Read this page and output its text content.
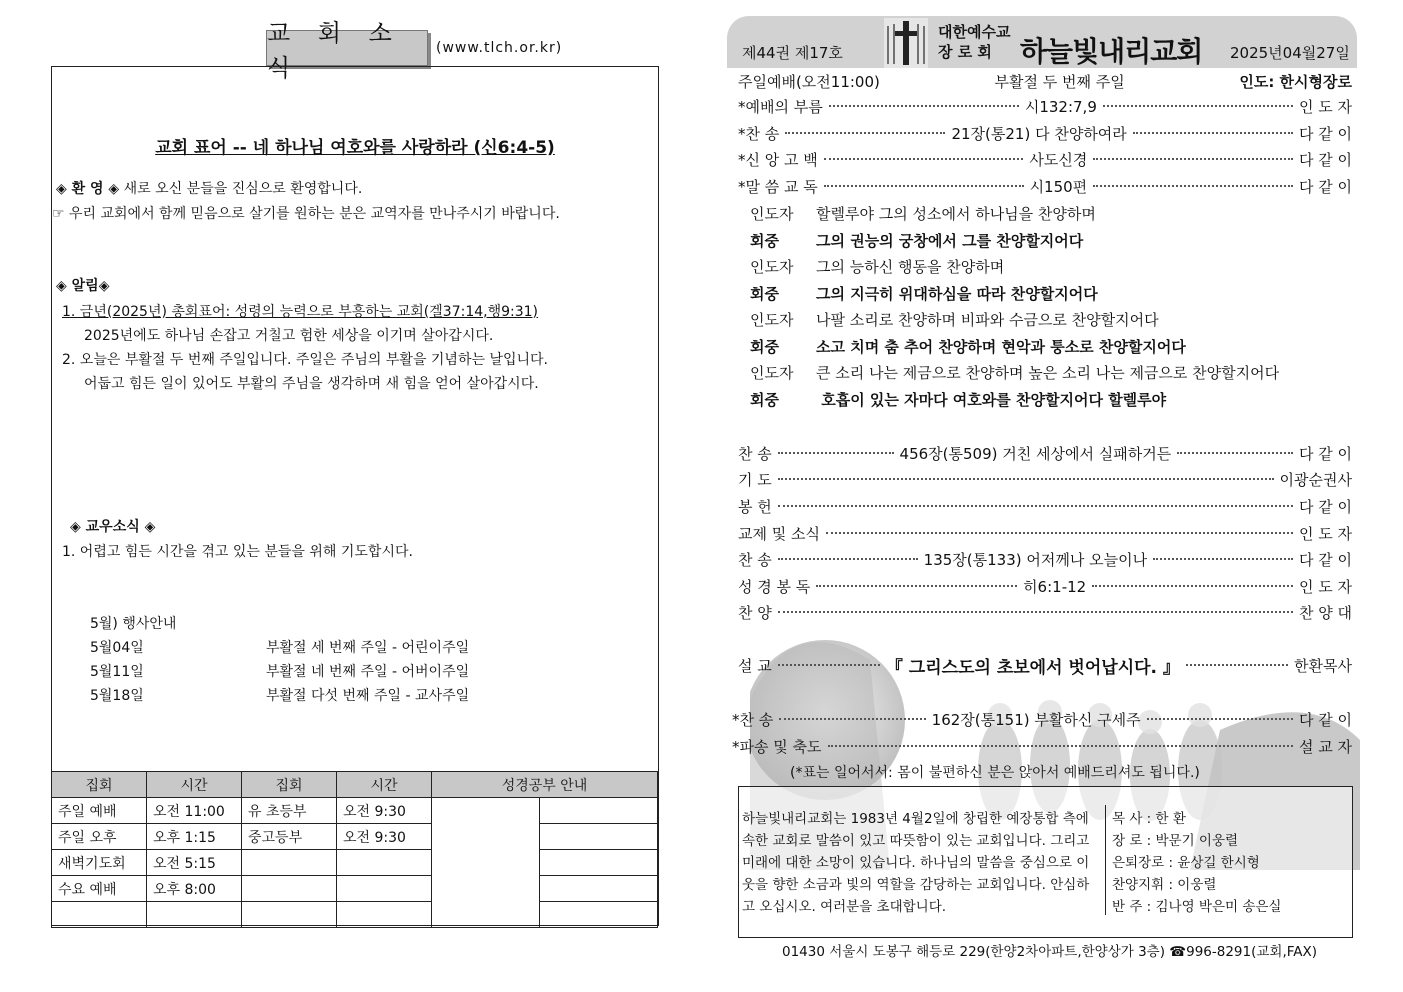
교 회 소 식
(www.tlch.or.kr)
교회 표어 -- 네 하나님 여호와를 사랑하라 (신6:4-5)
◈ 환 영 ◈ 새로 오신 분들을 진심으로 환영합니다.
☞ 우리 교회에서 함께 믿음으로 살기를 원하는 분은 교역자를 만나주시기 바랍니다.
◈ 알림◈
1. 금년(2025년) 총회표어: 성령의 능력으로 부흥하는 교회(겔37:14,행9:31)
2025년에도 하나님 손잡고 거칠고 험한 세상을 이기며 살아갑시다.
2. 오늘은 부활절 두 번째 주일입니다. 주일은 주님의 부활을 기념하는 날입니다.
어둡고 힘든 일이 있어도 부활의 주님을 생각하며 새 힘을 얻어 살아갑시다.
◈ 교우소식 ◈
1. 어렵고 힘든 시간을 겪고 있는 분들을 위해 기도합시다.
5월) 행사안내
5월04일	부활절 세 번째 주일 - 어린이주일
5월11일	부활절 네 번째 주일 - 어버이주일
5월18일	부활절 다섯 번째 주일 - 교사주일
집회	시간	집회	시간	성경공부 안내	
주일 예배	오전 11:00	유 초등부	오전 9:30		
주일 오후	오후 1:15	중고등부	오전 9:30		
새벽기도회	오전 5:15				
수요 예배	오후 8:00				

제44권 제17호
대한예수교
장 로 회	하늘빛내리교회 2025년04월27일
주일예배(오전11:00)	부활절 두 번째 주일	인도: 한시형장로
*예배의 부름	시132:7,9	인 도 자
*찬 송	21장(통21) 다 찬양하여라	다 같 이
*신 앙 고 백	사도신경	다 같 이
*말 씀 교 독	시150편	다 같 이
인도자 할렐루야 그의 성소에서 하나님을 찬양하며
회중 그의 권능의 궁창에서 그를 찬양할지어다
인도자 그의 능하신 행동을 찬양하며
회중 그의 지극히 위대하심을 따라 찬양할지어다
인도자 나팔 소리로 찬양하며 비파와 수금으로 찬양할지어다
회중 소고 치며 춤 추어 찬양하며 현악과 퉁소로 찬양할지어다
인도자 큰 소리 나는 제금으로 찬양하며 높은 소리 나는 제금으로 찬양할지어다
회중 호흡이 있는 자마다 여호와를 찬양할지어다 할렐루야
찬 송	456장(통509) 거친 세상에서 실패하거든	다 같 이
기 도	이광순권사
봉 헌	다 같 이
교제 및 소식	인 도 자
찬 송	135장(통133) 어저께나 오늘이나	다 같 이
성 경 봉 독	히6:1-12	인 도 자
찬 양	찬 양 대
설 교	『 그리스도의 초보에서 벗어납시다. 』	한환목사
*찬 송	162장(통151) 부활하신 구세주	다 같 이
*파송 및 축도	설 교 자
(*표는 일어서서: 몸이 불편하신 분은 앉아서 예배드리셔도 됩니다.)
하늘빛내리교회는 1983년 4월2일에 창립한 예장통합 측에 속한 교회로 말씀이 있고 따뜻함이 있는 교회입니다. 그리고 미래에 대한 소망이 있습니다. 하나님의 말씀을 중심으로 이웃을 향한 소금과 빛의 역할을 감당하는 교회입니다. 안심하고 오십시오. 여러분을 초대합니다.
목 사 : 한 환
장 로 : 박문기 이웅렬
은퇴장로 : 윤상길 한시형
찬양지휘 : 이웅렬
반 주 : 김나영 박은미 송은실
01430 서울시 도봉구 해등로 229(한양2차아파트,한양상가 3층) ☎996-8291(교회,FAX)
